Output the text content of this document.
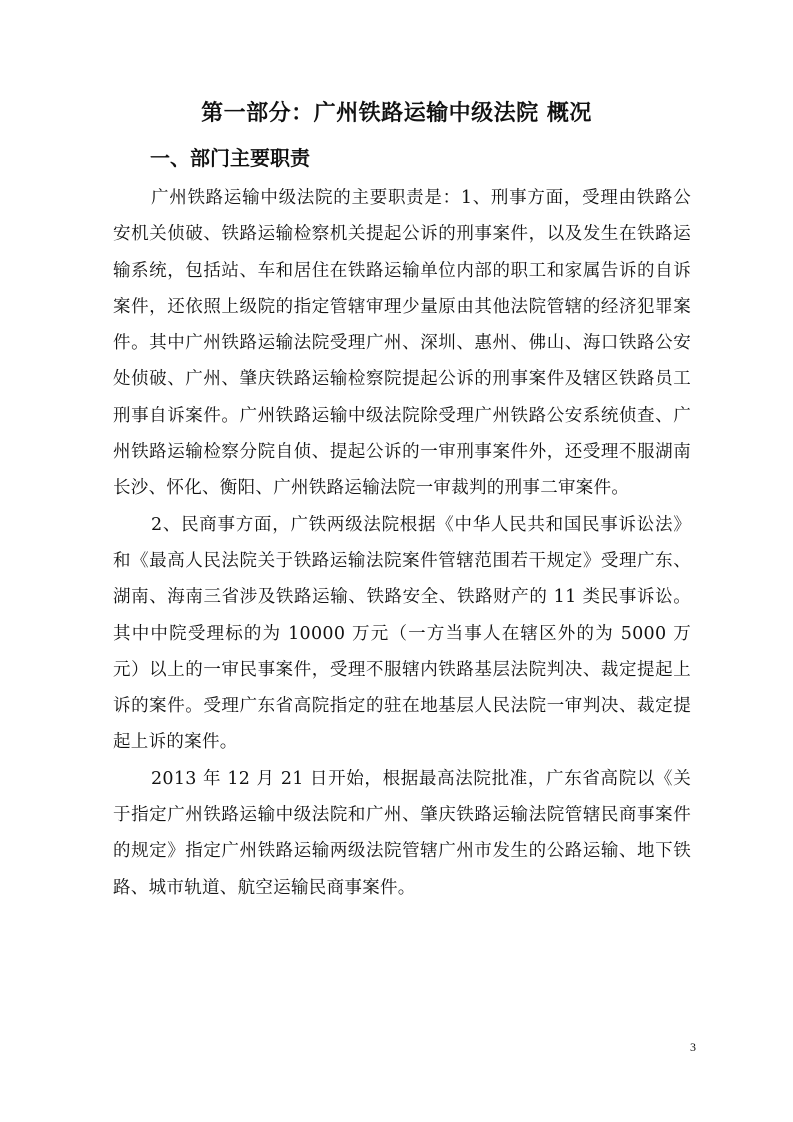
第一部分：广州铁路运输中级法院 概况
一、部门主要职责

广州铁路运输中级法院的主要职责是：1、刑事方面，受理由铁路公安机关侦破、铁路运输检察机关提起公诉的刑事案件，以及发生在铁路运输系统，包括站、车和居住在铁路运输单位内部的职工和家属告诉的自诉案件，还依照上级院的指定管辖审理少量原由其他法院管辖的经济犯罪案件。其中广州铁路运输法院受理广州、深圳、惠州、佛山、海口铁路公安处侦破、广州、肇庆铁路运输检察院提起公诉的刑事案件及辖区铁路员工刑事自诉案件。广州铁路运输中级法院除受理广州铁路公安系统侦查、广州铁路运输检察分院自侦、提起公诉的一审刑事案件外，还受理不服湖南长沙、怀化、衡阳、广州铁路运输法院一审裁判的刑事二审案件。

2、民商事方面，广铁两级法院根据《中华人民共和国民事诉讼法》和《最高人民法院关于铁路运输法院案件管辖范围若干规定》受理广东、湖南、海南三省涉及铁路运输、铁路安全、铁路财产的 11 类民事诉讼。其中中院受理标的为 10000 万元（一方当事人在辖区外的为 5000 万元）以上的一审民事案件，受理不服辖内铁路基层法院判决、裁定提起上诉的案件。受理广东省高院指定的驻在地基层人民法院一审判决、裁定提起上诉的案件。

2013 年 12 月 21 日开始，根据最高法院批准，广东省高院以《关于指定广州铁路运输中级法院和广州、肇庆铁路运输法院管辖民商事案件的规定》指定广州铁路运输两级法院管辖广州市发生的公路运输、地下铁路、城市轨道、航空运输民商事案件。

3
